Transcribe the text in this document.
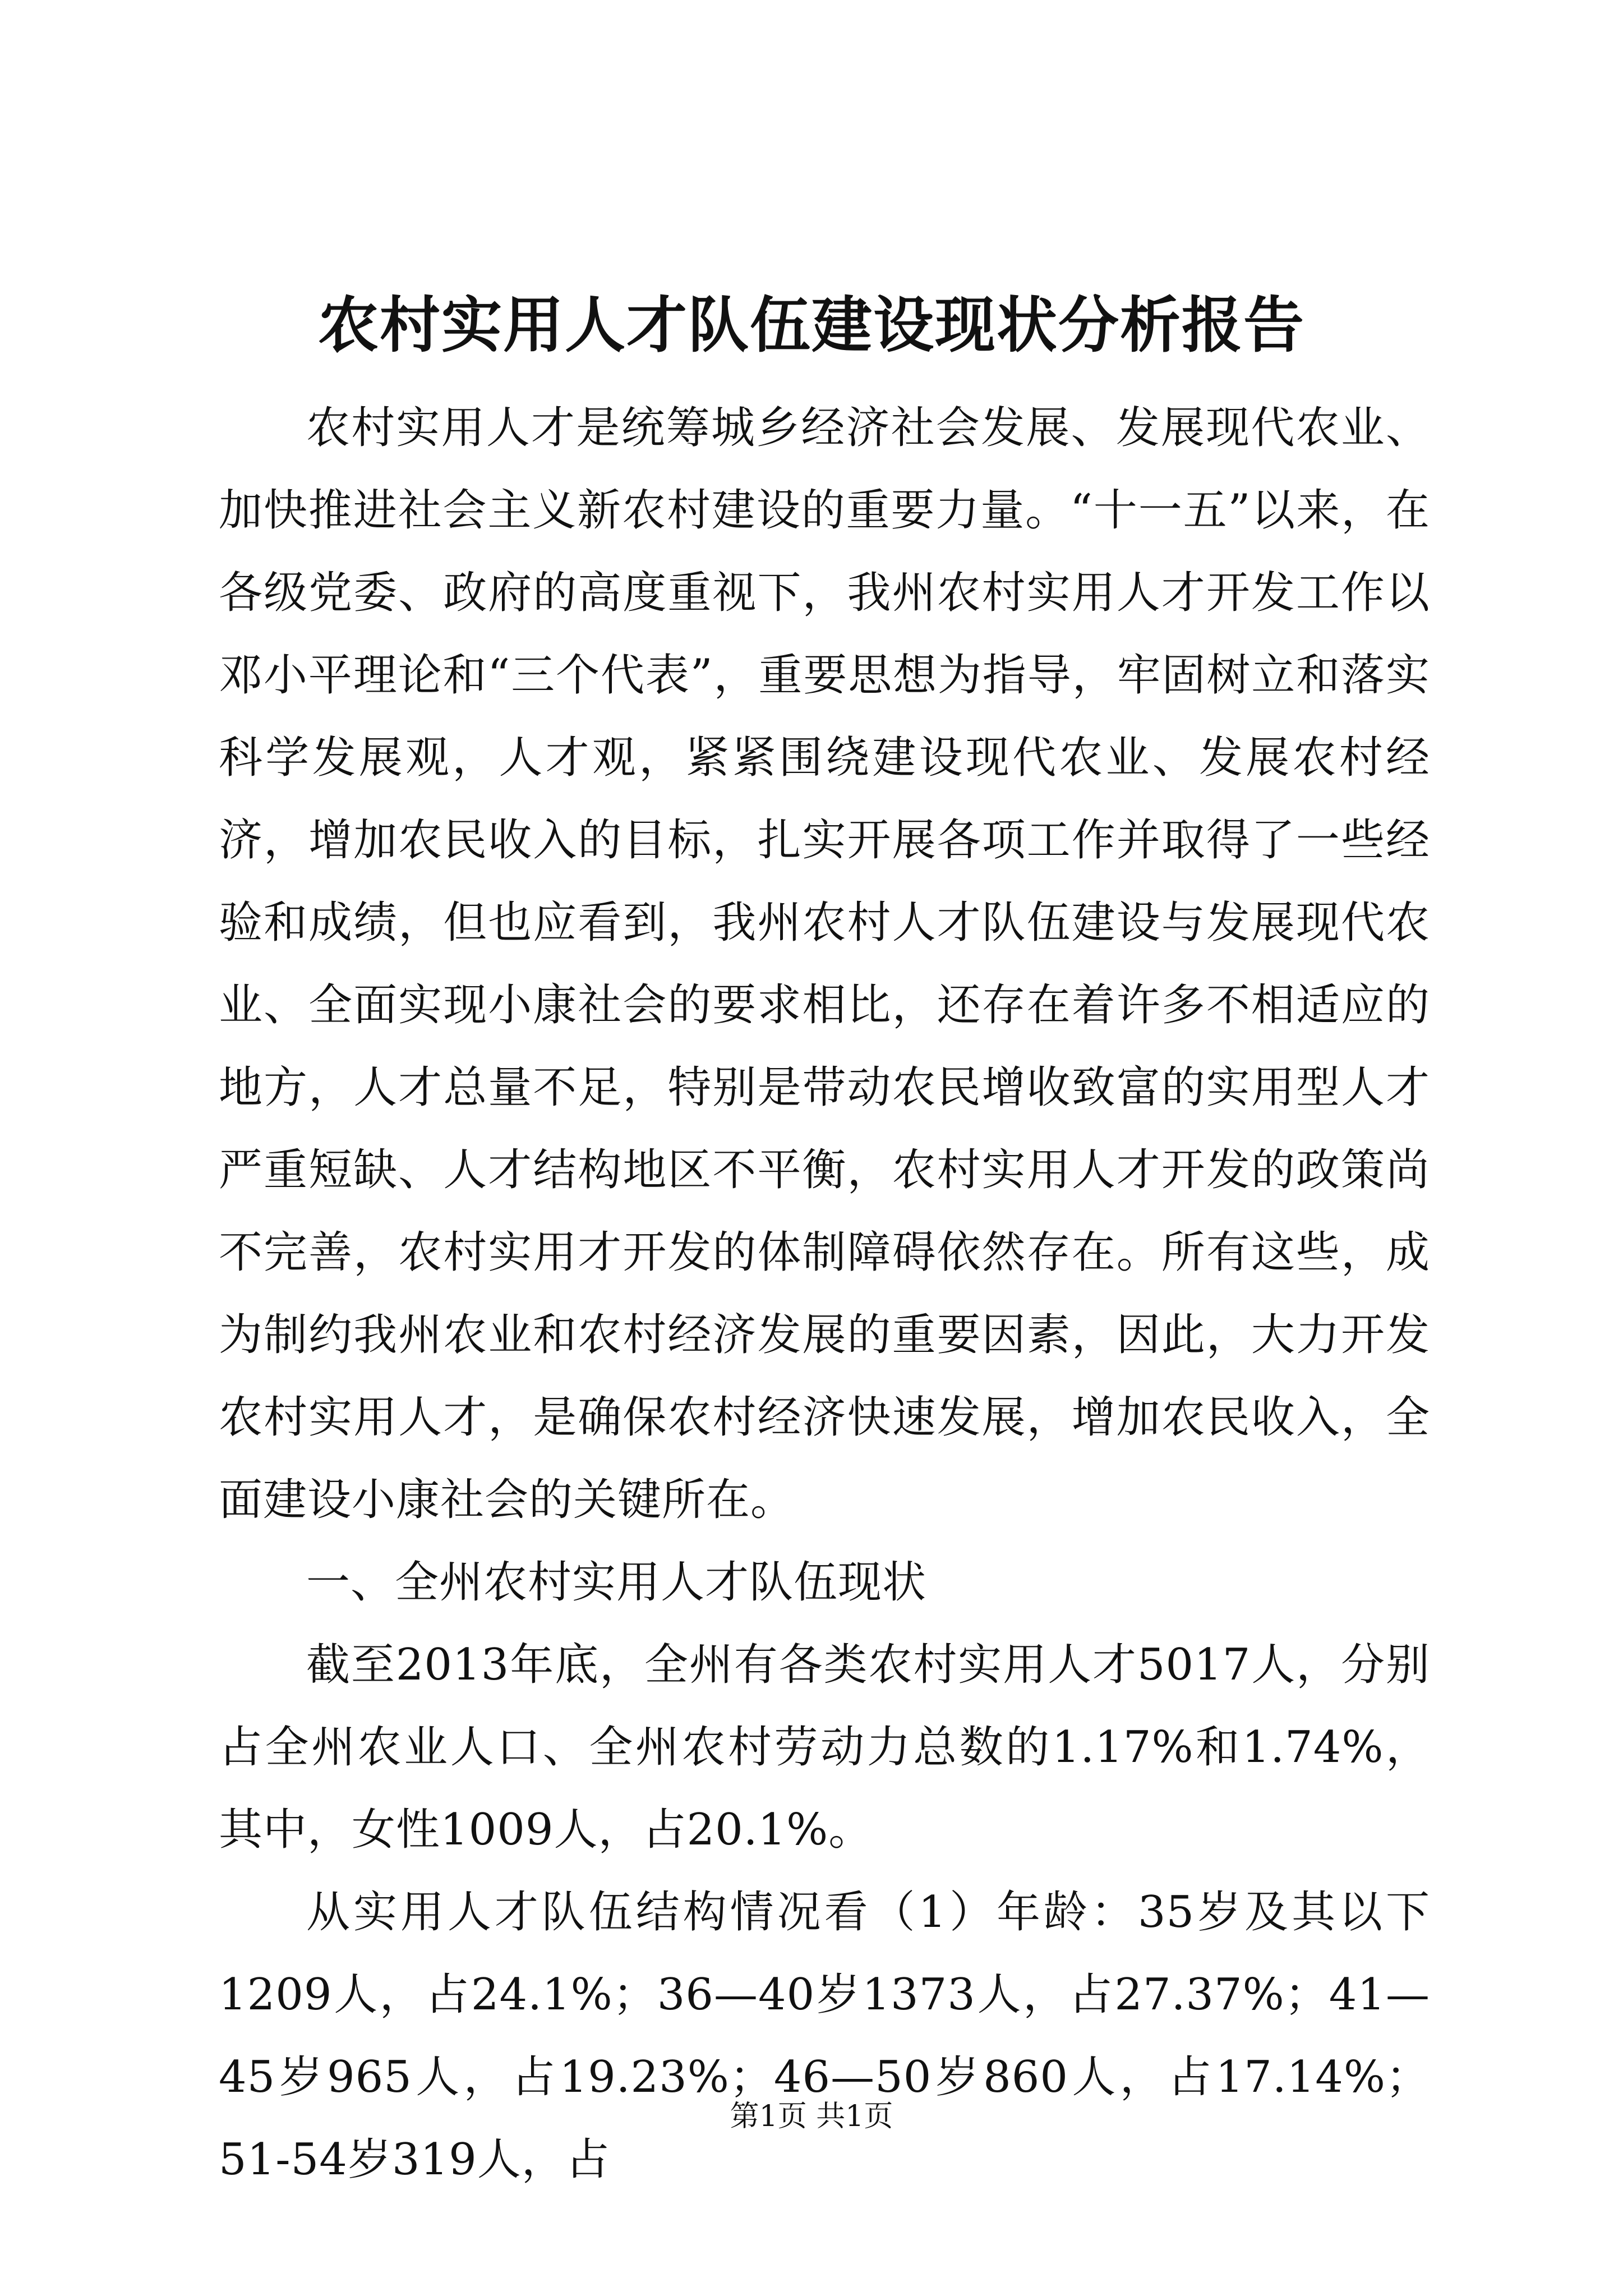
农村实用人才队伍建设现状分析报告

农村实用人才是统筹城乡经济社会发展、发展现代农业、加快推进社会主义新农村建设的重要力量。“十一五”以来，在各级党委、政府的高度重视下，我州农村实用人才开发工作以邓小平理论和“三个代表”，重要思想为指导，牢固树立和落实科学发展观，人才观，紧紧围绕建设现代农业、发展农村经济，增加农民收入的目标，扎实开展各项工作并取得了一些经验和成绩，但也应看到，我州农村人才队伍建设与发展现代农业、全面实现小康社会的要求相比，还存在着许多不相适应的地方，人才总量不足，特别是带动农民增收致富的实用型人才严重短缺、人才结构地区不平衡，农村实用人才开发的政策尚不完善，农村实用才开发的体制障碍依然存在。所有这些，成为制约我州农业和农村经济发展的重要因素，因此，大力开发农村实用人才，是确保农村经济快速发展，增加农民收入，全面建设小康社会的关键所在。

一、全州农村实用人才队伍现状

截至2013年底，全州有各类农村实用人才5017人，分别占全州农业人口、全州农村劳动力总数的1.17%和1.74%，其中，女性1009人，占20.1%。

从实用人才队伍结构情况看（1）年龄：35岁及其以下1209人，占24.1%；36—40岁1373人，占27.37%；41—45岁965人，占19.23%；46—50岁860人，占17.14%；51-54岁319人，占

第1页 共1页
